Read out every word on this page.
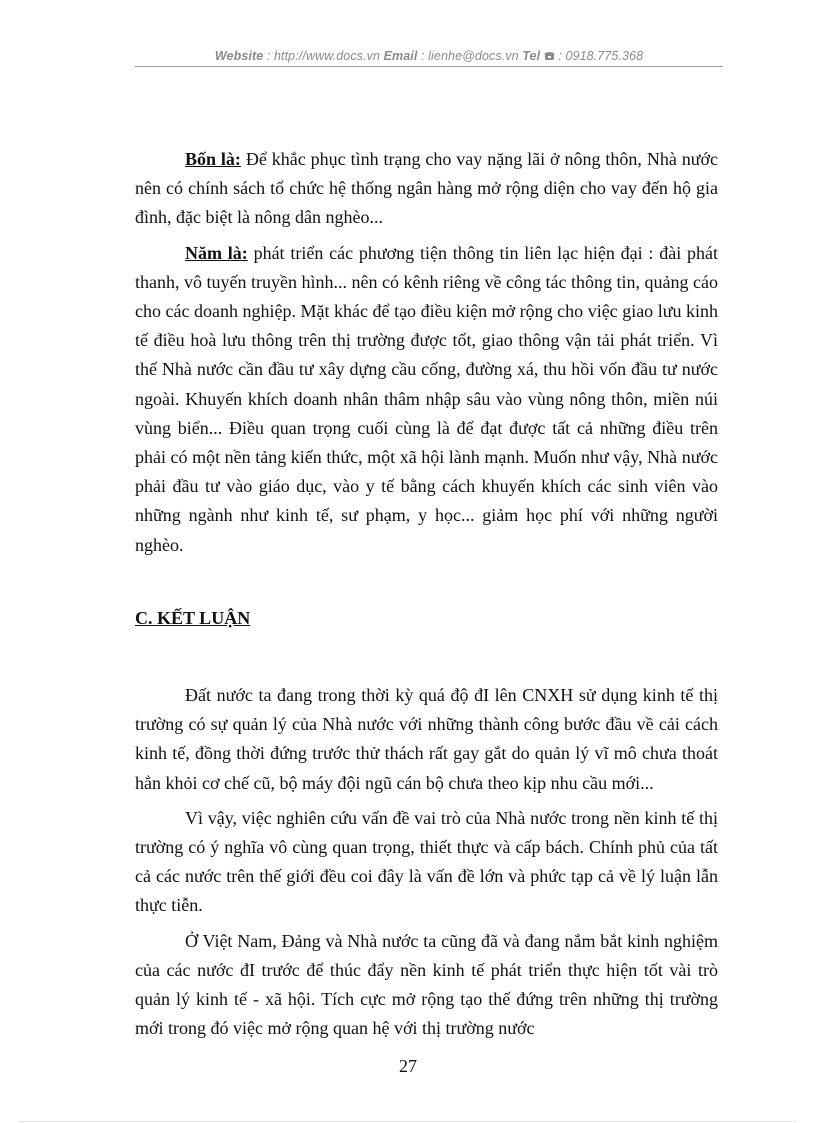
Website : http://www.docs.vn Email : lienhe@docs.vn Tel  : 0918.775.368

Bốn là: Để khắc phục tình trạng cho vay nặng lãi ở nông thôn, Nhà nước nên có chính sách tổ chức hệ thống ngân hàng mở rộng diện cho vay đến hộ gia đình, đặc biệt là nông dân nghèo...

Năm là: phát triển các phương tiện thông tin liên lạc hiện đại : đài phát thanh, vô tuyến truyền hình... nên có kênh riêng về công tác thông tin, quảng cáo cho các doanh nghiệp. Mặt khác để tạo điều kiện mở rộng cho việc giao lưu kinh tế điều hoà lưu thông trên thị trường được tốt, giao thông vận tải phát triển. Vì thế Nhà nước cần đầu tư xây dựng cầu cống, đường xá, thu hồi vốn đầu tư nước ngoài. Khuyến khích doanh nhân thâm nhập sâu vào vùng nông thôn, miền núi vùng biển... Điều quan trọng cuối cùng là để đạt được tất cả những điều trên phải có một nền tảng kiến thức, một xã hội lành mạnh. Muốn như vậy, Nhà nước phải đầu tư vào giáo dục, vào y tế bằng cách khuyến khích các sinh viên vào những ngành như kinh tế, sư phạm, y học... giảm học phí với những người nghèo.

C. KẾT LUẬN

Đất nước ta đang trong thời kỳ quá độ đI lên CNXH sử dụng kinh tế thị trường có sự quản lý của Nhà nước với những thành công bước đầu về cải cách kinh tế, đồng thời đứng trước thử thách rất gay gắt do quản lý vĩ mô chưa thoát hẳn khỏi cơ chế cũ, bộ máy đội ngũ cán bộ chưa theo kịp nhu cầu mới...

Vì vậy, việc nghiên cứu vấn đề vai trò của Nhà nước trong nền kinh tế thị trường có ý nghĩa vô cùng quan trọng, thiết thực và cấp bách. Chính phủ của tất cả các nước trên thế giới đều coi đây là vấn đề lớn và phức tạp cả về lý luận lẫn thực tiễn.

Ở Việt Nam, Đảng và Nhà nước ta cũng đã và đang nắm bắt kinh nghiệm của các nước đI trước để thúc đẩy nền kinh tế phát triển thực hiện tốt vài trò quản lý kinh tế - xã hội. Tích cực mở rộng tạo thế đứng trên những thị trường mới trong đó việc mở rộng quan hệ với thị trường nước

27
